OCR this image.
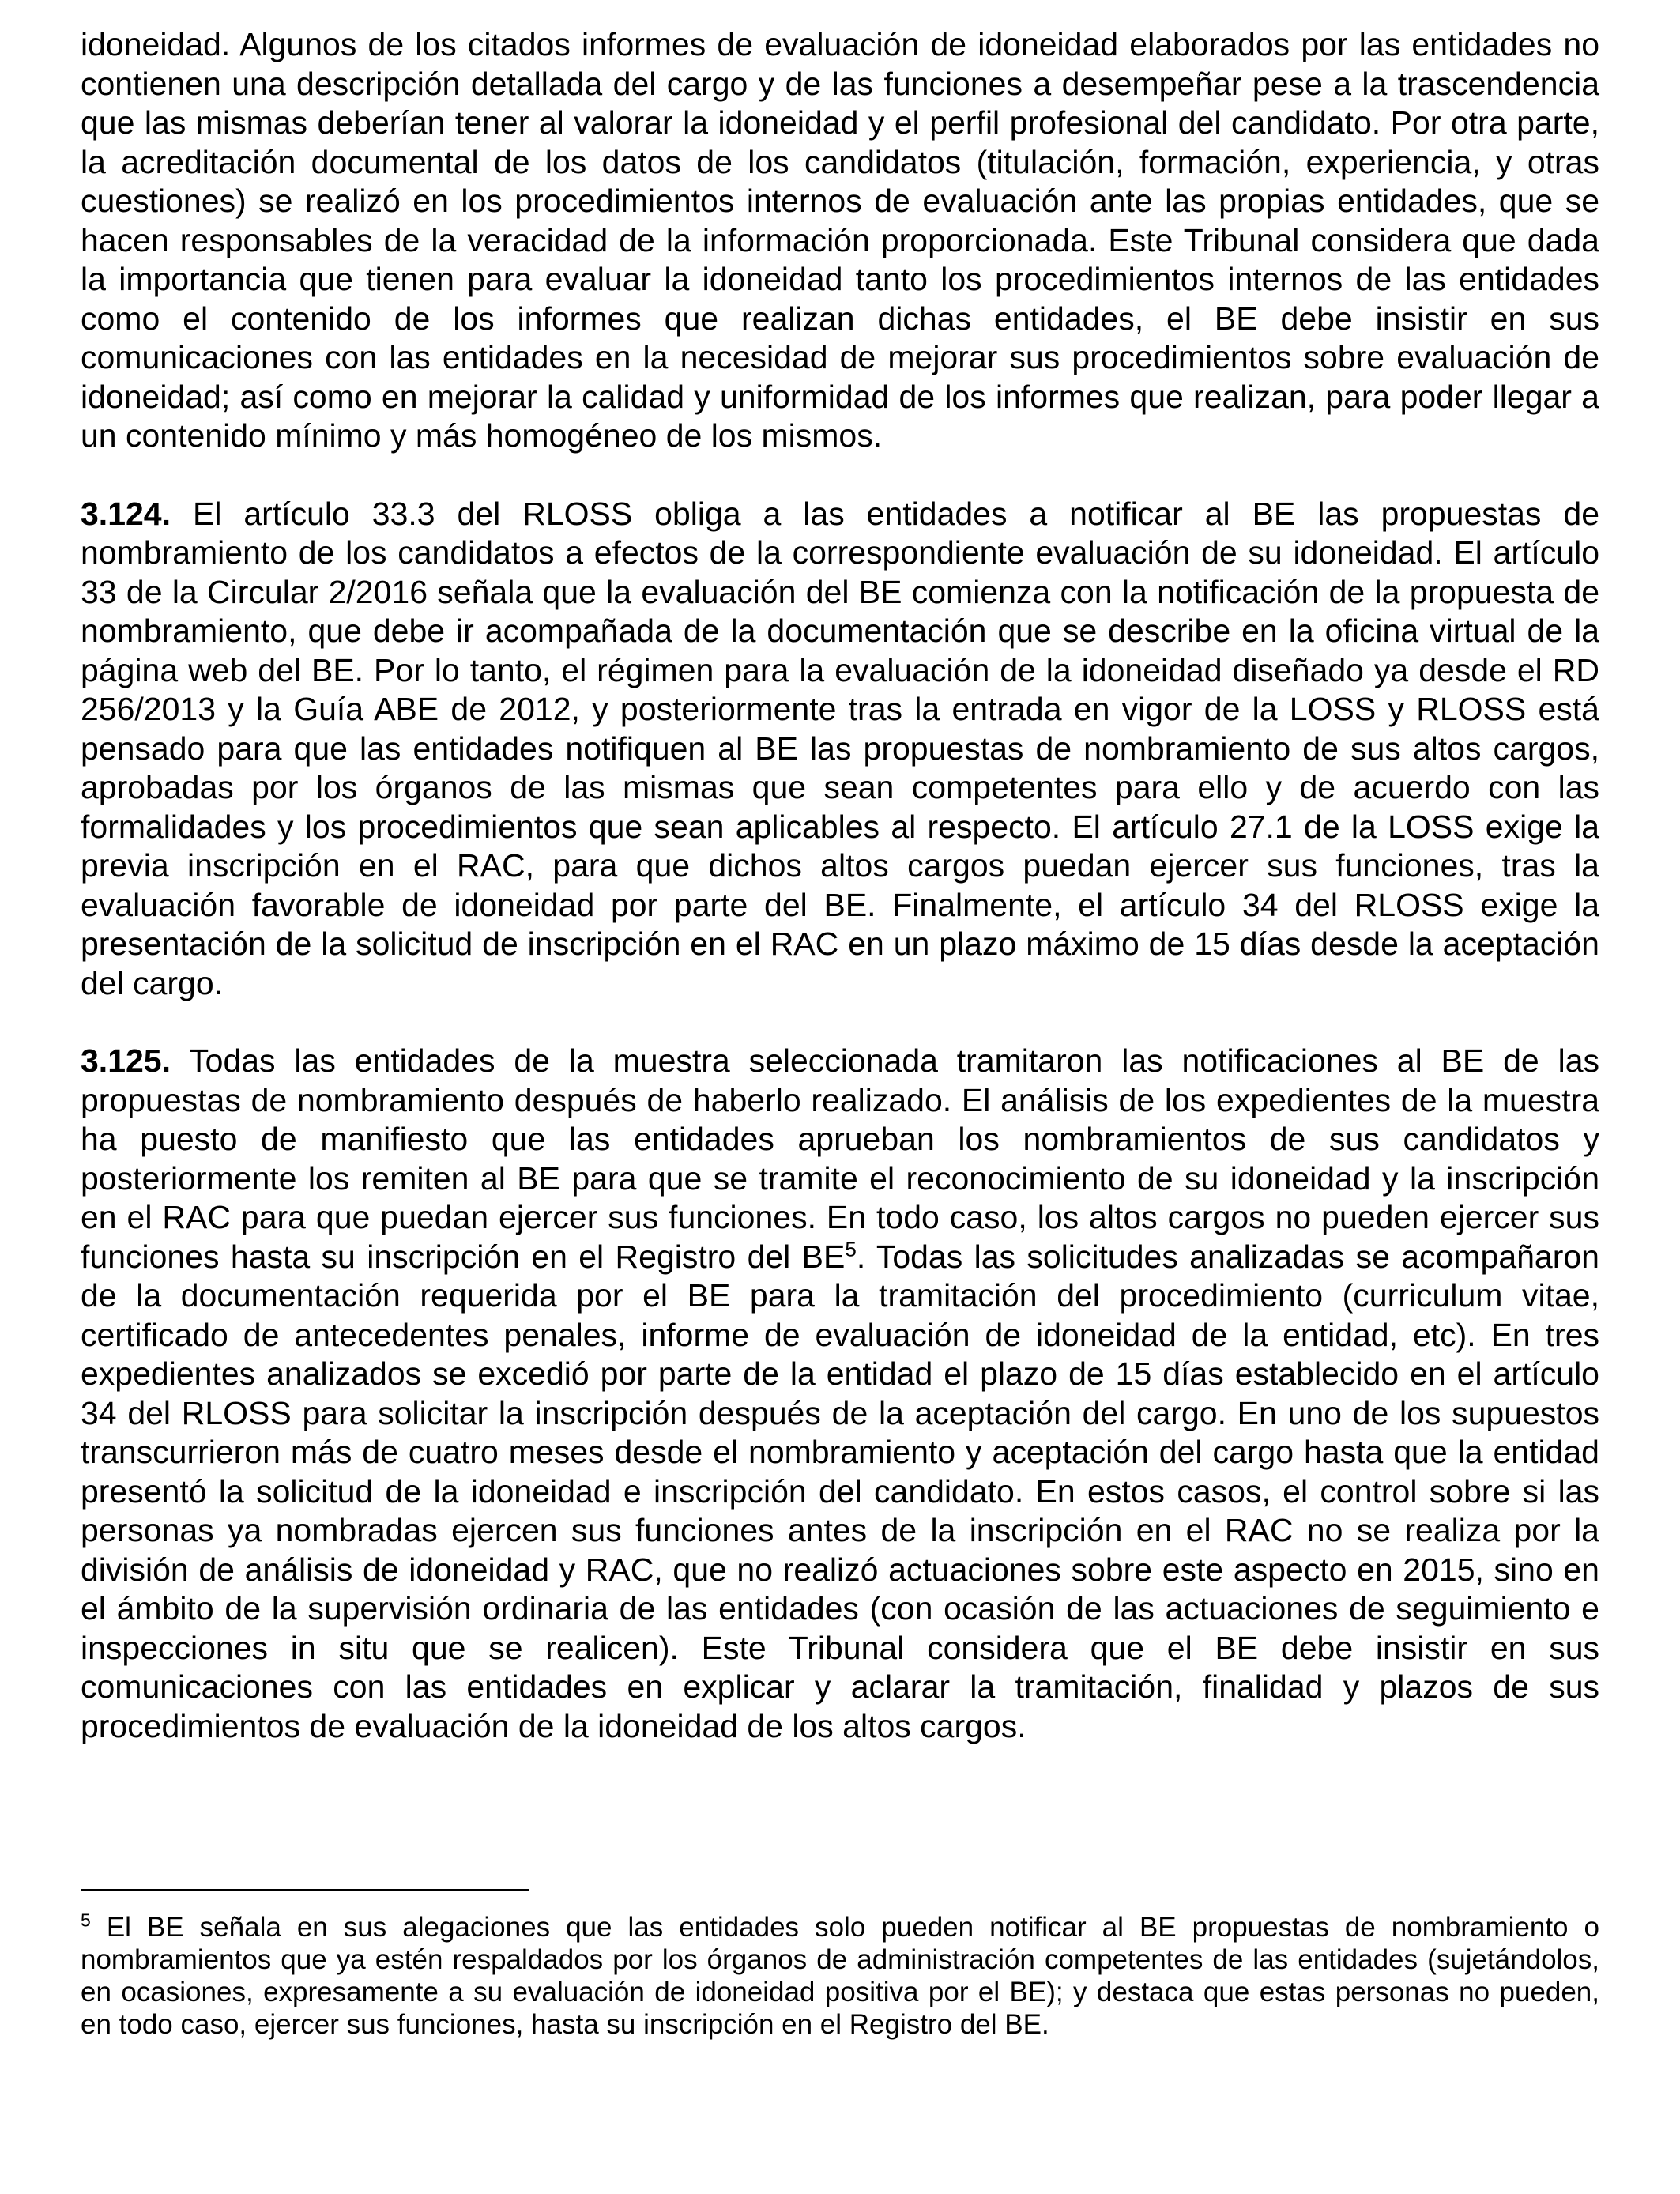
idoneidad. Algunos de los citados informes de evaluación de idoneidad elaborados por las entidades no contienen una descripción detallada del cargo y de las funciones a desempeñar pese a la trascendencia que las mismas deberían tener al valorar la idoneidad y el perfil profesional del candidato. Por otra parte, la acreditación documental de los datos de los candidatos (titulación, formación, experiencia, y otras cuestiones) se realizó en los procedimientos internos de evaluación ante las propias entidades, que se hacen responsables de la veracidad de la información proporcionada. Este Tribunal considera que dada la importancia que tienen para evaluar la idoneidad tanto los procedimientos internos de las entidades como el contenido de los informes que realizan dichas entidades, el BE debe insistir en sus comunicaciones con las entidades en la necesidad de mejorar sus procedimientos sobre evaluación de idoneidad; así como en mejorar la calidad y uniformidad de los informes que realizan, para poder llegar a un contenido mínimo y más homogéneo de los mismos.

3.124. El artículo 33.3 del RLOSS obliga a las entidades a notificar al BE las propuestas de nombramiento de los candidatos a efectos de la correspondiente evaluación de su idoneidad. El artículo 33 de la Circular 2/2016 señala que la evaluación del BE comienza con la notificación de la propuesta de nombramiento, que debe ir acompañada de la documentación que se describe en la oficina virtual de la página web del BE. Por lo tanto, el régimen para la evaluación de la idoneidad diseñado ya desde el RD 256/2013 y la Guía ABE de 2012, y posteriormente tras la entrada en vigor de la LOSS y RLOSS está pensado para que las entidades notifiquen al BE las propuestas de nombramiento de sus altos cargos, aprobadas por los órganos de las mismas que sean competentes para ello y de acuerdo con las formalidades y los procedimientos que sean aplicables al respecto. El artículo 27.1 de la LOSS exige la previa inscripción en el RAC, para que dichos altos cargos puedan ejercer sus funciones, tras la evaluación favorable de idoneidad por parte del BE. Finalmente, el artículo 34 del RLOSS exige la presentación de la solicitud de inscripción en el RAC en un plazo máximo de 15 días desde la aceptación del cargo.

3.125. Todas las entidades de la muestra seleccionada tramitaron las notificaciones al BE de las propuestas de nombramiento después de haberlo realizado. El análisis de los expedientes de la muestra ha puesto de manifiesto que las entidades aprueban los nombramientos de sus candidatos y posteriormente los remiten al BE para que se tramite el reconocimiento de su idoneidad y la inscripción en el RAC para que puedan ejercer sus funciones. En todo caso, los altos cargos no pueden ejercer sus funciones hasta su inscripción en el Registro del BE$^5$. Todas las solicitudes analizadas se acompañaron de la documentación requerida por el BE para la tramitación del procedimiento (curriculum vitae, certificado de antecedentes penales, informe de evaluación de idoneidad de la entidad, etc). En tres expedientes analizados se excedió por parte de la entidad el plazo de 15 días establecido en el artículo 34 del RLOSS para solicitar la inscripción después de la aceptación del cargo. En uno de los supuestos transcurrieron más de cuatro meses desde el nombramiento y aceptación del cargo hasta que la entidad presentó la solicitud de la idoneidad e inscripción del candidato. En estos casos, el control sobre si las personas ya nombradas ejercen sus funciones antes de la inscripción en el RAC no se realiza por la división de análisis de idoneidad y RAC, que no realizó actuaciones sobre este aspecto en 2015, sino en el ámbito de la supervisión ordinaria de las entidades (con ocasión de las actuaciones de seguimiento e inspecciones in situ que se realicen). Este Tribunal considera que el BE debe insistir en sus comunicaciones con las entidades en explicar y aclarar la tramitación, finalidad y plazos de sus procedimientos de evaluación de la idoneidad de los altos cargos.

$^5$ El BE señala en sus alegaciones que las entidades solo pueden notificar al BE propuestas de nombramiento o nombramientos que ya estén respaldados por los órganos de administración competentes de las entidades (sujetándolos, en ocasiones, expresamente a su evaluación de idoneidad positiva por el BE); y destaca que estas personas no pueden, en todo caso, ejercer sus funciones, hasta su inscripción en el Registro del BE.
